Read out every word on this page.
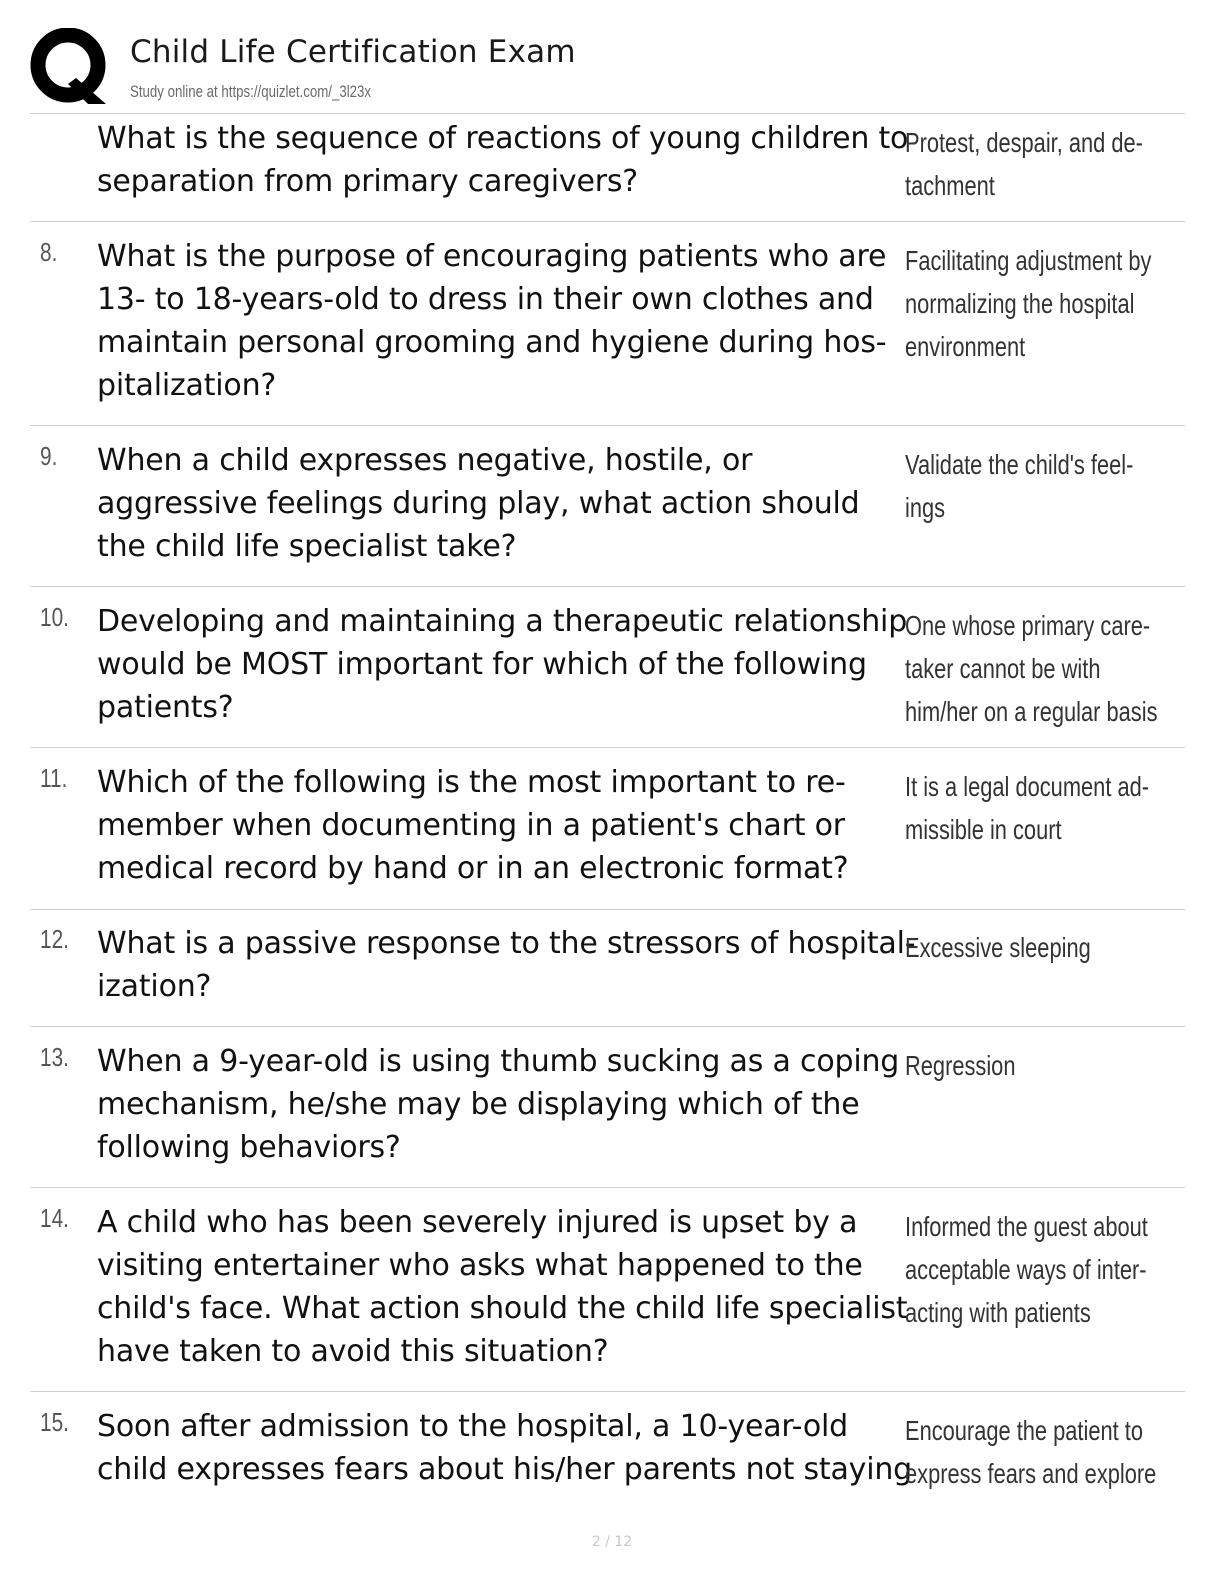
Child Life Certification Exam
Study online at https://quizlet.com/_3l23x

What is the sequence of reactions of young children to separation from primary caregivers?

Protest, despair, and de-tachment

8. What is the purpose of encouraging patients who are 13- to 18-years-old to dress in their own clothes and maintain personal grooming and hygiene during hos-pitalization?

Facilitating adjustment by normalizing the hospital environment

9. When a child expresses negative, hostile, or aggressive feelings during play, what action should the child life specialist take?

Validate the child's feel-ings

10. Developing and maintaining a therapeutic relationship would be MOST important for which of the following patients?

One whose primary care-taker cannot be with him/her on a regular basis

11. Which of the following is the most important to re-member when documenting in a patient's chart or medical record by hand or in an electronic format?

It is a legal document ad-missible in court

12. What is a passive response to the stressors of hospital-ization?

Excessive sleeping

13. When a 9-year-old is using thumb sucking as a coping mechanism, he/she may be displaying which of the following behaviors?

Regression

14. A child who has been severely injured is upset by a visiting entertainer who asks what happened to the child's face. What action should the child life specialist have taken to avoid this situation?

Informed the guest about acceptable ways of inter-acting with patients

15. Soon after admission to the hospital, a 10-year-old child expresses fears about his/her parents not staying

Encourage the patient to express fears and explore

2 / 12
